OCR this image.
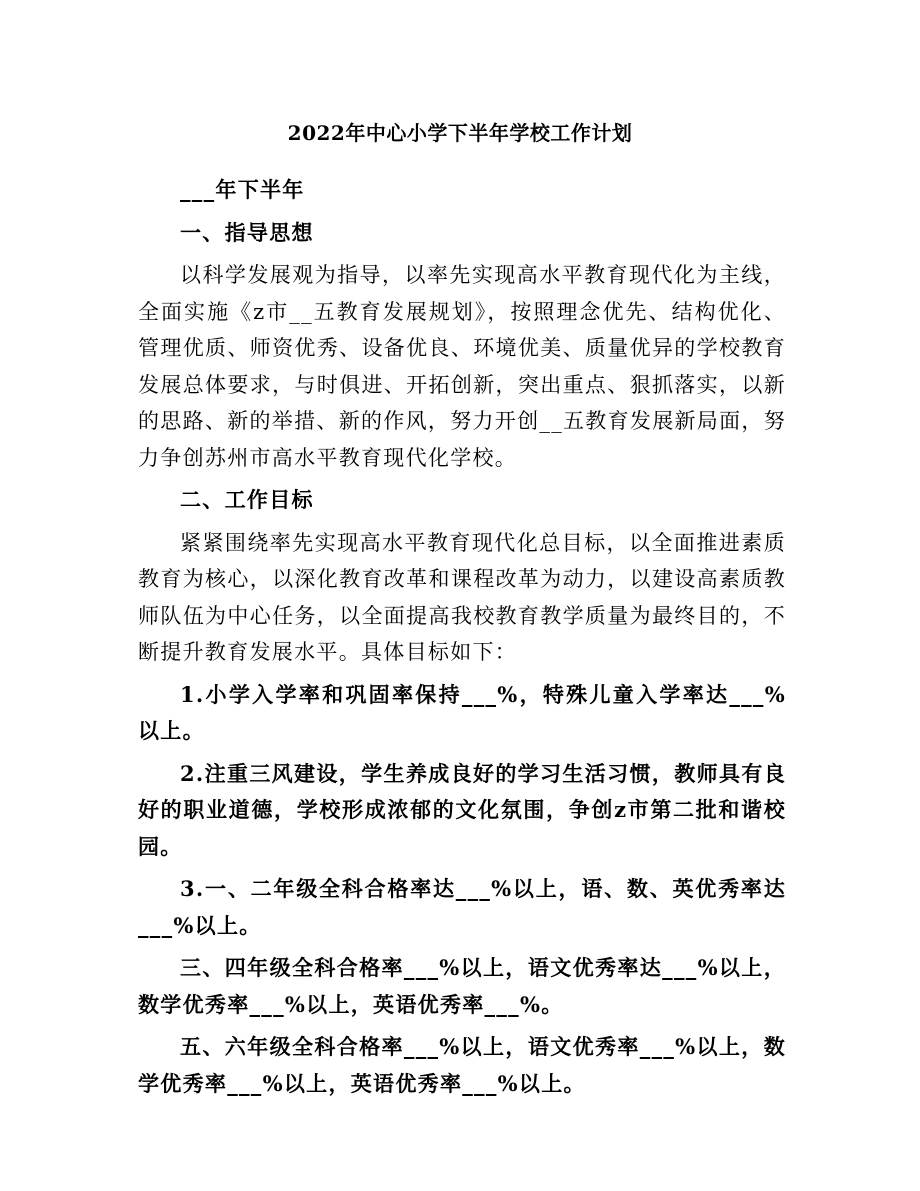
2022年中心小学下半年学校工作计划

___年下半年

一、指导思想

以科学发展观为指导，以率先实现高水平教育现代化为主线，全面实施《z市__五教育发展规划》，按照理念优先、结构优化、管理优质、师资优秀、设备优良、环境优美、质量优异的学校教育发展总体要求，与时俱进、开拓创新，突出重点、狠抓落实，以新的思路、新的举措、新的作风，努力开创__五教育发展新局面，努力争创苏州市高水平教育现代化学校。

二、工作目标

紧紧围绕率先实现高水平教育现代化总目标，以全面推进素质教育为核心，以深化教育改革和课程改革为动力，以建设高素质教师队伍为中心任务，以全面提高我校教育教学质量为最终目的，不断提升教育发展水平。具体目标如下：

1.小学入学率和巩固率保持___%，特殊儿童入学率达___%以上。

2.注重三风建设，学生养成良好的学习生活习惯，教师具有良好的职业道德，学校形成浓郁的文化氛围，争创z市第二批和谐校园。

3.一、二年级全科合格率达___%以上，语、数、英优秀率达___%以上。

三、四年级全科合格率___%以上，语文优秀率达___%以上，数学优秀率___%以上，英语优秀率___%。

五、六年级全科合格率___%以上，语文优秀率___%以上，数学优秀率___%以上，英语优秀率___%以上。
